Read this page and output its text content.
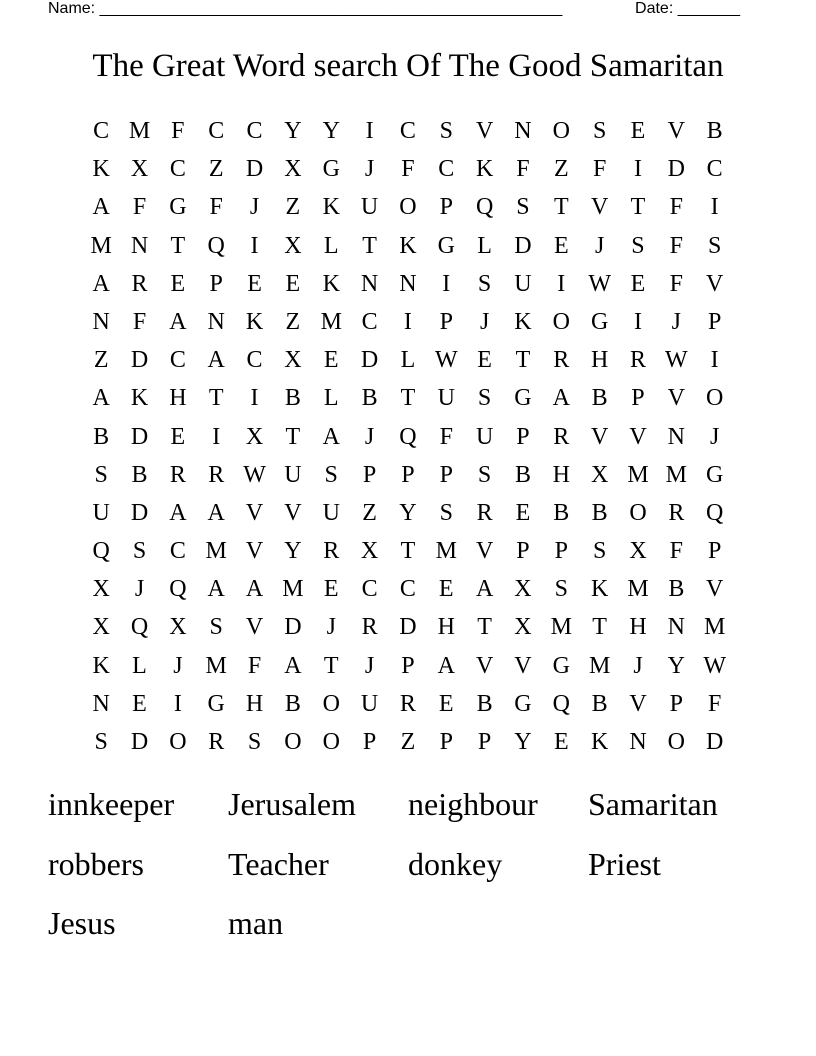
Name: ____________________________________________________	Date: _______
The Great Word search Of The Good Samaritan
C M F C C Y Y	I	C S V N O S	E V B
K X C Z D X G	J	F C K F	Z	F	I	D C
A F G F	J	Z K U O P Q S	T V T	F	I
M N T Q	I	X L T K G L D E	J	S	F	S
A R E	P	E E K N N	I	S U	I W E	F V
N F A N K Z M C	I	P	J	K O G	I	J	P
Z D C A C X E D L W E T R H R W I
A K H T	I	B L B T U S G A B P V O
B D E	I	X T A	J	Q F U P R V V N	J
S B R R W U S	P	P	P	S B H X M M G
U D A A V V U Z Y S R E B B O R Q
Q S C M V Y R X T M V P	P	S X F	P
X	J	Q A A M E C C E A X S K M B V
X Q X S V D	J	R D H T X M T H N M
K L	J M F A T	J	P A V V G M J	Y W
N E	I	G H B O U R E B G Q B V P	F
S D O R S O O P	Z	P	P Y E K N O D
innkeeper	Jerusalem	neighbour	Samaritan
robbers	Teacher	donkey	Priest
Jesus	man
